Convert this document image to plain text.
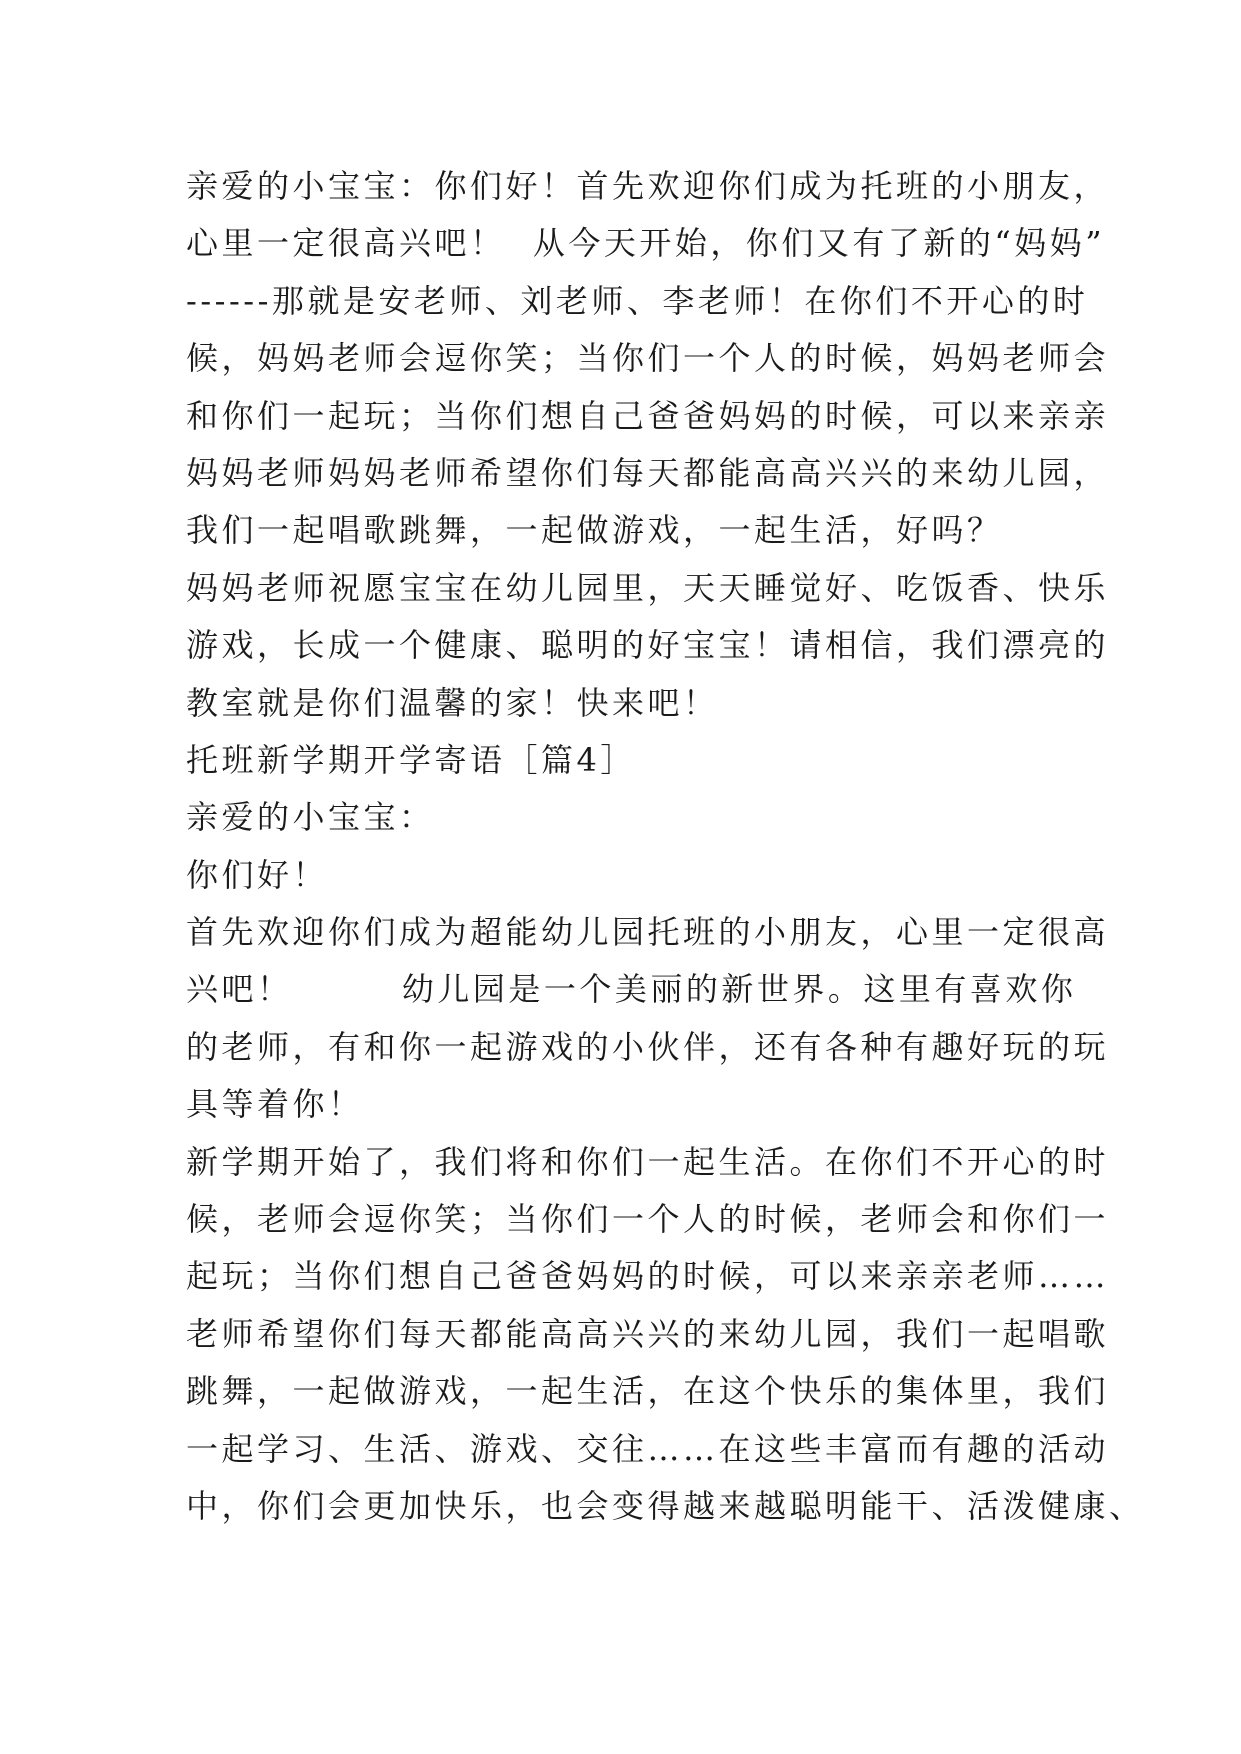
亲爱的小宝宝：你们好！首先欢迎你们成为托班的小朋友，
心里一定很高兴吧！  从今天开始，你们又有了新的“妈妈”
------那就是安老师、刘老师、李老师！在你们不开心的时
候，妈妈老师会逗你笑；当你们一个人的时候，妈妈老师会
和你们一起玩；当你们想自己爸爸妈妈的时候，可以来亲亲
妈妈老师妈妈老师希望你们每天都能高高兴兴的来幼儿园，
我们一起唱歌跳舞，一起做游戏，一起生活，好吗？
妈妈老师祝愿宝宝在幼儿园里，天天睡觉好、吃饭香、快乐
游戏，长成一个健康、聪明的好宝宝！请相信，我们漂亮的
教室就是你们温馨的家！快来吧！
托班新学期开学寄语［篇4］
亲爱的小宝宝：
你们好！
首先欢迎你们成为超能幼儿园托班的小朋友，心里一定很高
兴吧！        幼儿园是一个美丽的新世界。这里有喜欢你
的老师，有和你一起游戏的小伙伴，还有各种有趣好玩的玩
具等着你！
新学期开始了，我们将和你们一起生活。在你们不开心的时
候，老师会逗你笑；当你们一个人的时候，老师会和你们一
起玩；当你们想自己爸爸妈妈的时候，可以来亲亲老师……
老师希望你们每天都能高高兴兴的来幼儿园，我们一起唱歌
跳舞，一起做游戏，一起生活，在这个快乐的集体里，我们
一起学习、生活、游戏、交往……在这些丰富而有趣的活动
中，你们会更加快乐，也会变得越来越聪明能干、活泼健康、
